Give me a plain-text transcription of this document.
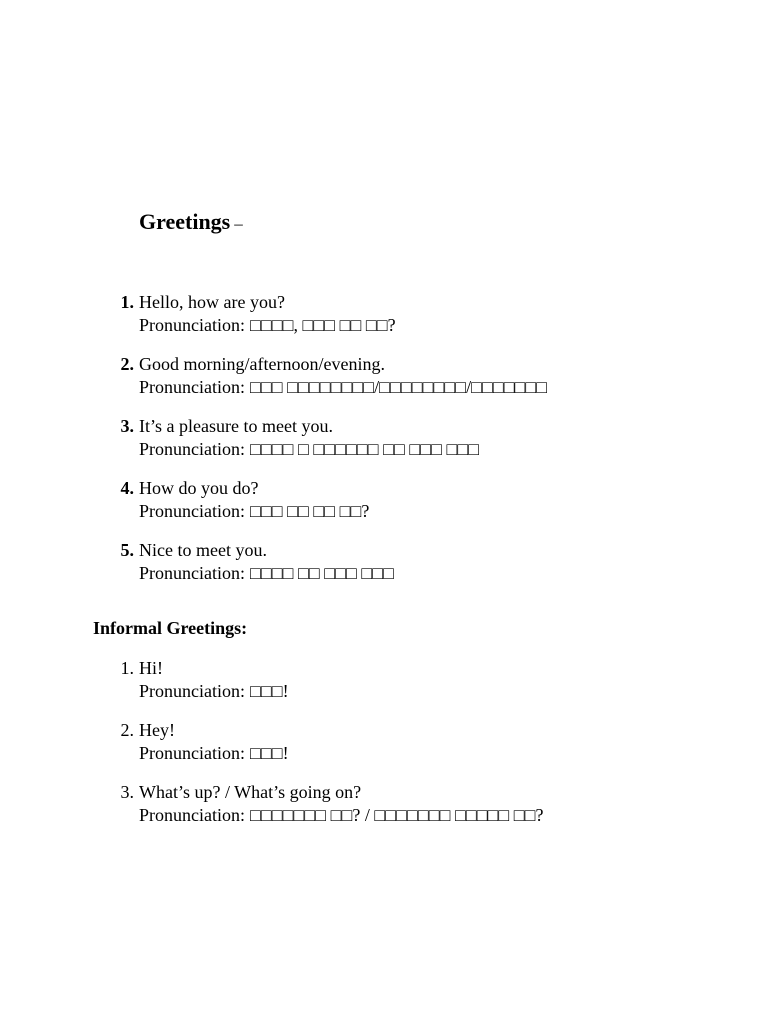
Greetings –
1. Hello, how are you?
Pronunciation: □□□□, □□□ □□ □□?
2. Good morning/afternoon/evening.
Pronunciation: □□□ □□□□□□□□/□□□□□□□□/□□□□□□□
3. It’s a pleasure to meet you.
Pronunciation: □□□□ □ □□□□□□ □□ □□□ □□□
4. How do you do?
Pronunciation: □□□ □□ □□ □□?
5. Nice to meet you.
Pronunciation: □□□□ □□ □□□ □□□
Informal Greetings:
1. Hi!
Pronunciation: □□□!
2. Hey!
Pronunciation: □□□!
3. What’s up? / What’s going on?
Pronunciation: □□□□□□□ □□? / □□□□□□□ □□□□□ □□?
